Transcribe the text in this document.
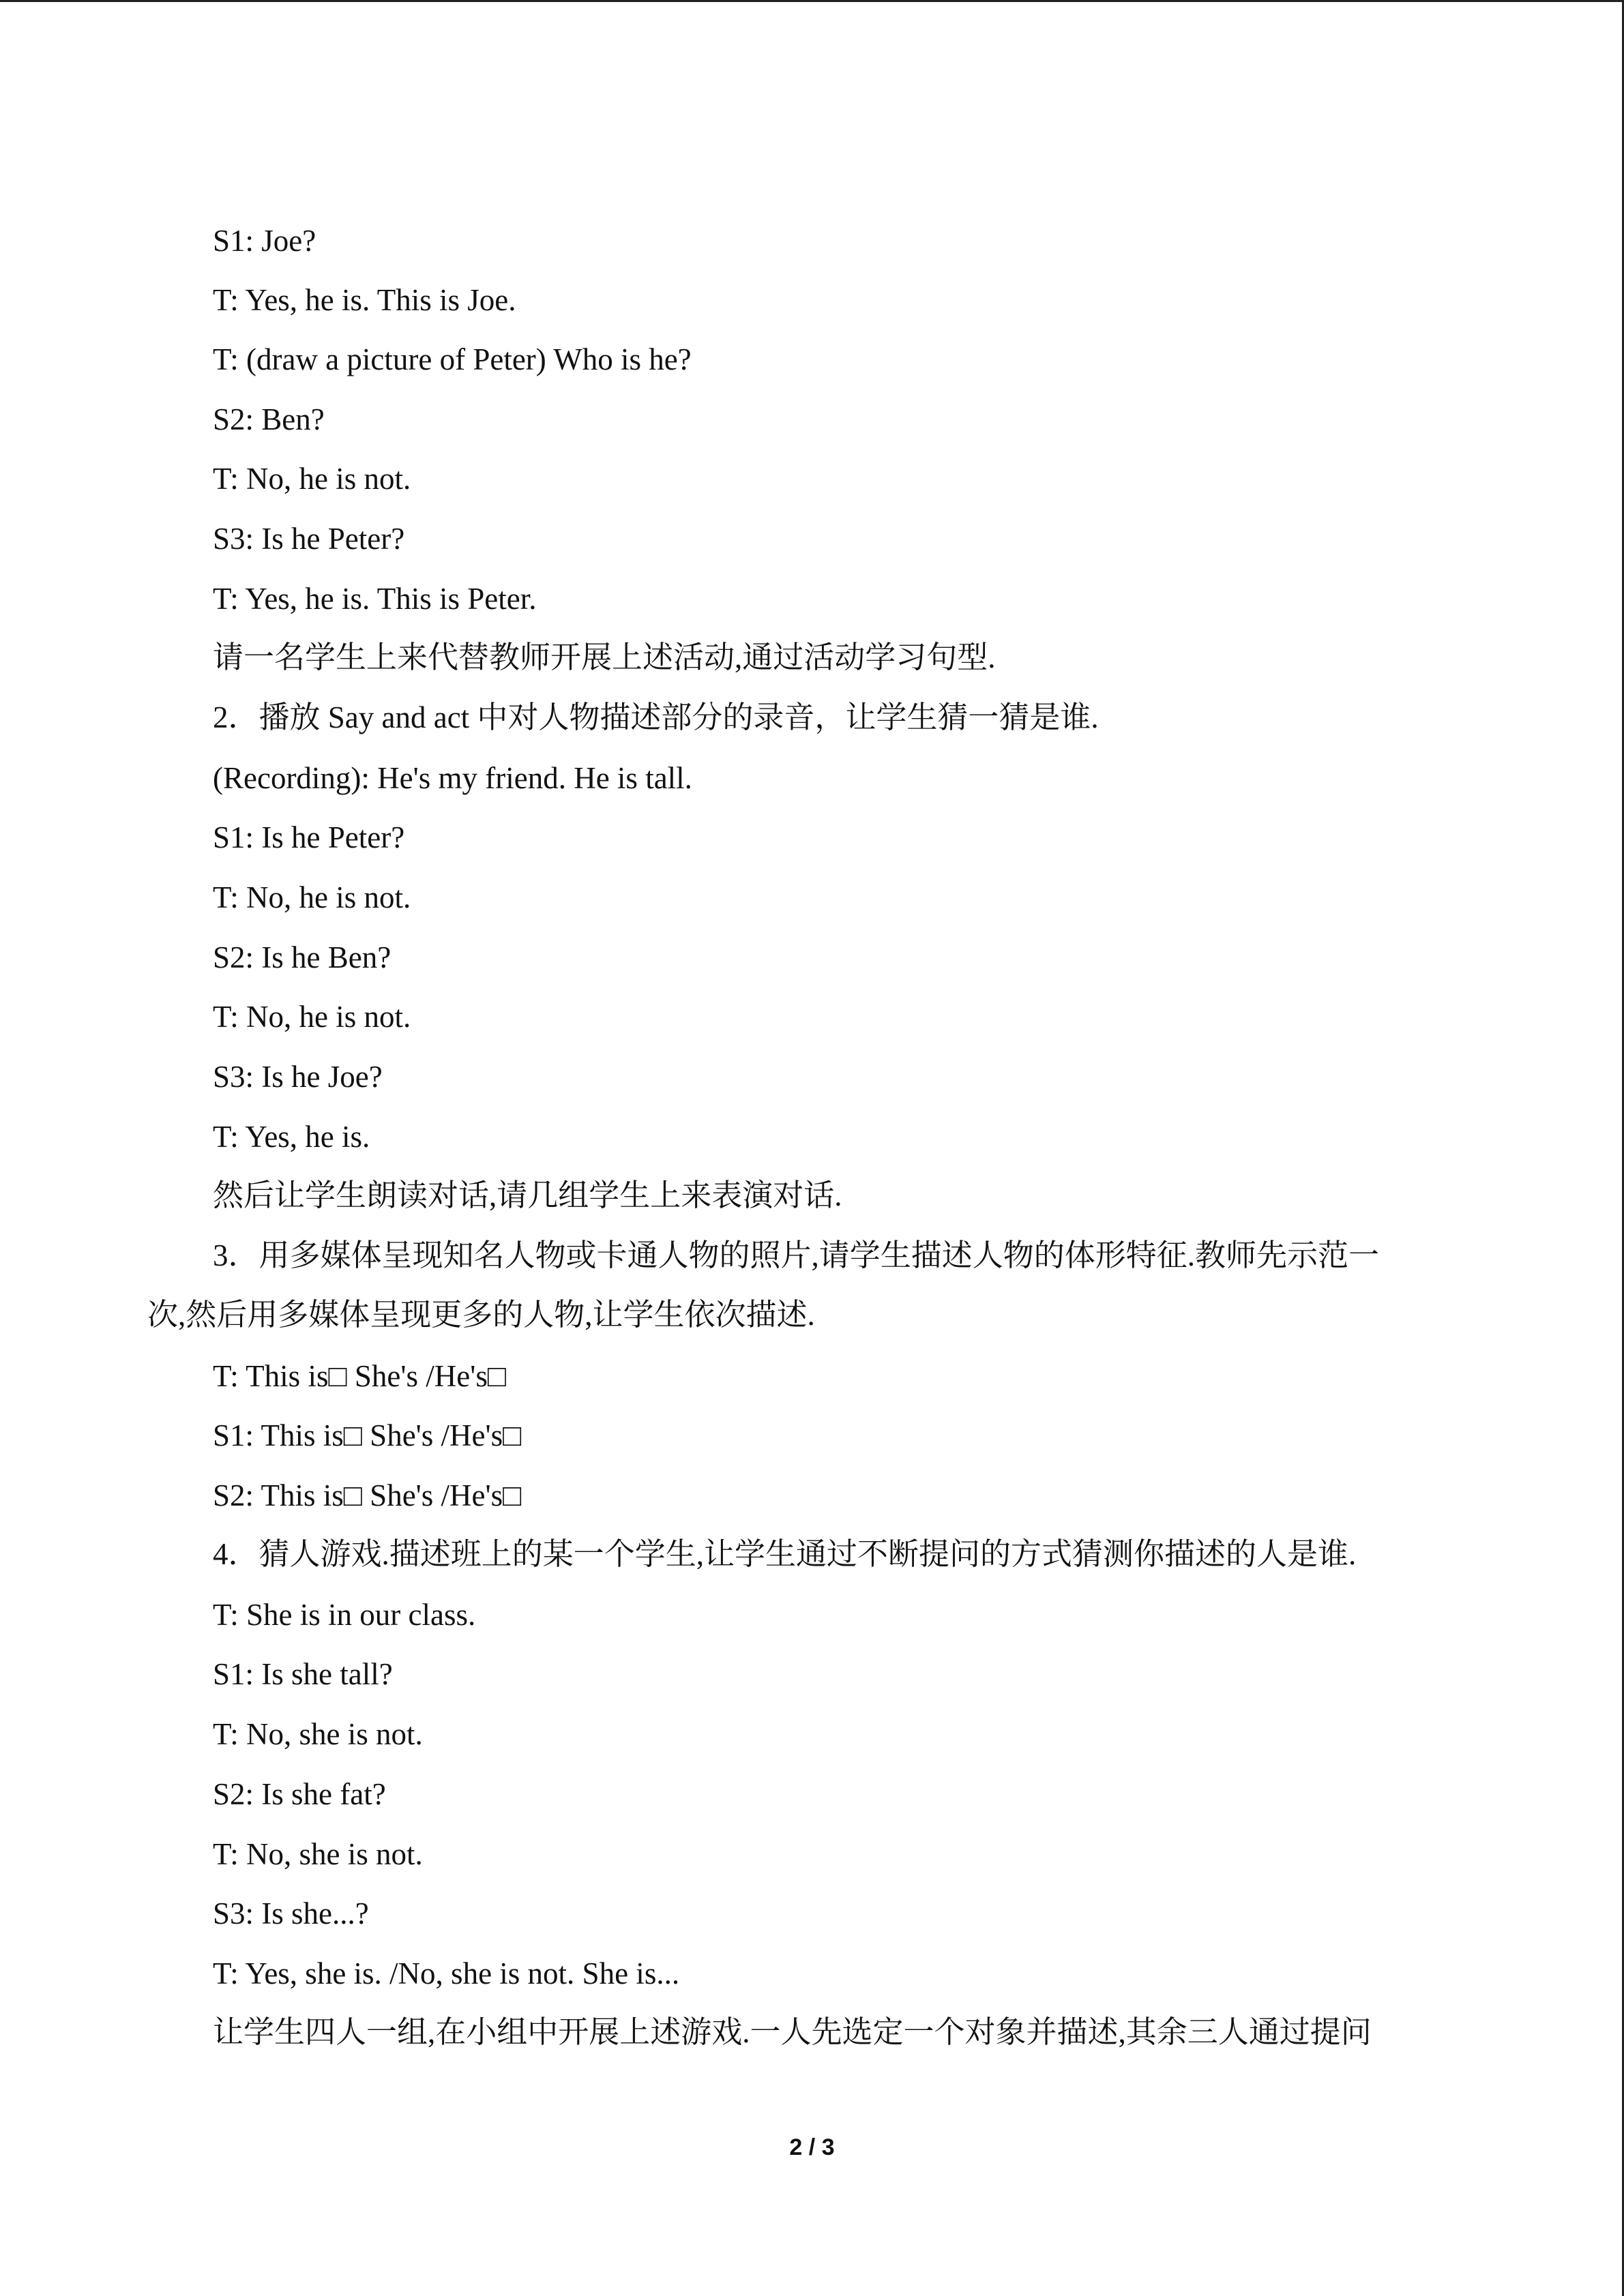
S1: Joe?
T: Yes, he is. This is Joe.
T: (draw a picture of Peter) Who is he?
S2: Ben?
T: No, he is not.
S3: Is he Peter?
T: Yes, he is. This is Peter.
请一名学生上来代替教师开展上述活动,通过活动学习句型.
2．播放 Say and act 中对人物描述部分的录音，让学生猜一猜是谁.
(Recording): He's my friend. He is tall.
S1: Is he Peter?
T: No, he is not.
S2: Is he Ben?
T: No, he is not.
S3: Is he Joe?
T: Yes, he is.
然后让学生朗读对话,请几组学生上来表演对话.
3．用多媒体呈现知名人物或卡通人物的照片,请学生描述人物的体形特征.教师先示范一
次,然后用多媒体呈现更多的人物,让学生依次描述.
T: This is□ She's /He's□
S1: This is□ She's /He's□
S2: This is□ She's /He's□
4．猜人游戏.描述班上的某一个学生,让学生通过不断提问的方式猜测你描述的人是谁.
T: She is in our class.
S1: Is she tall?
T: No, she is not.
S2: Is she fat?
T: No, she is not.
S3: Is she...?
T: Yes, she is. /No, she is not. She is...
让学生四人一组,在小组中开展上述游戏.一人先选定一个对象并描述,其余三人通过提问
2 / 3
